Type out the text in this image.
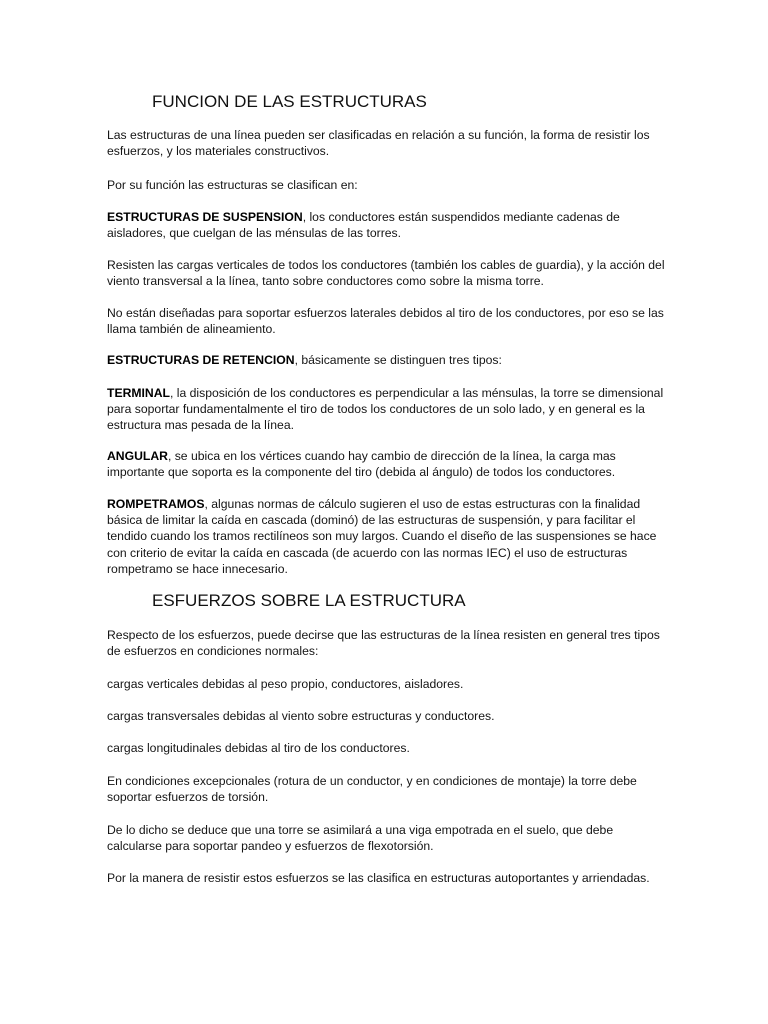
FUNCION DE LAS ESTRUCTURAS
Las estructuras de una línea pueden ser clasificadas en relación a su función, la forma de resistir los esfuerzos, y los materiales constructivos.
Por su función las estructuras se clasifican en:
ESTRUCTURAS DE SUSPENSION, los conductores están suspendidos mediante cadenas de aisladores, que cuelgan de las ménsulas de las torres.
Resisten las cargas verticales de todos los conductores (también los cables de guardia), y la acción del viento transversal a la línea, tanto sobre conductores como sobre la misma torre.
No están diseñadas para soportar esfuerzos laterales debidos al tiro de los conductores, por eso se las llama también de alineamiento.
ESTRUCTURAS DE RETENCION, básicamente se distinguen tres tipos:
TERMINAL, la disposición de los conductores es perpendicular a las ménsulas, la torre se dimensional para soportar fundamentalmente el tiro de todos los conductores de un solo lado, y en general es la estructura mas pesada de la línea.
ANGULAR, se ubica en los vértices cuando hay cambio de dirección de la línea, la carga mas importante que soporta es la componente del tiro (debida al ángulo) de todos los conductores.
ROMPETRAMOS, algunas normas de cálculo sugieren el uso de estas estructuras con la finalidad básica de limitar la caída en cascada (dominó) de las estructuras de suspensión, y para facilitar el tendido cuando los tramos rectilíneos son muy largos. Cuando el diseño de las suspensiones se hace con criterio de evitar la caída en cascada (de acuerdo con las normas IEC) el uso de estructuras rompetramo se hace innecesario.
ESFUERZOS SOBRE LA ESTRUCTURA
Respecto de los esfuerzos, puede decirse que las estructuras de la línea resisten en general tres tipos de esfuerzos en condiciones normales:
cargas verticales debidas al peso propio, conductores, aisladores.
cargas transversales debidas al viento sobre estructuras y conductores.
cargas longitudinales debidas al tiro de los conductores.
En condiciones excepcionales (rotura de un conductor, y en condiciones de montaje) la torre debe soportar esfuerzos de torsión.
De lo dicho se deduce que una torre se asimilará a una viga empotrada en el suelo, que debe calcularse para soportar pandeo y esfuerzos de flexotorsión.
Por la manera de resistir estos esfuerzos se las clasifica en estructuras autoportantes y arriendadas.
